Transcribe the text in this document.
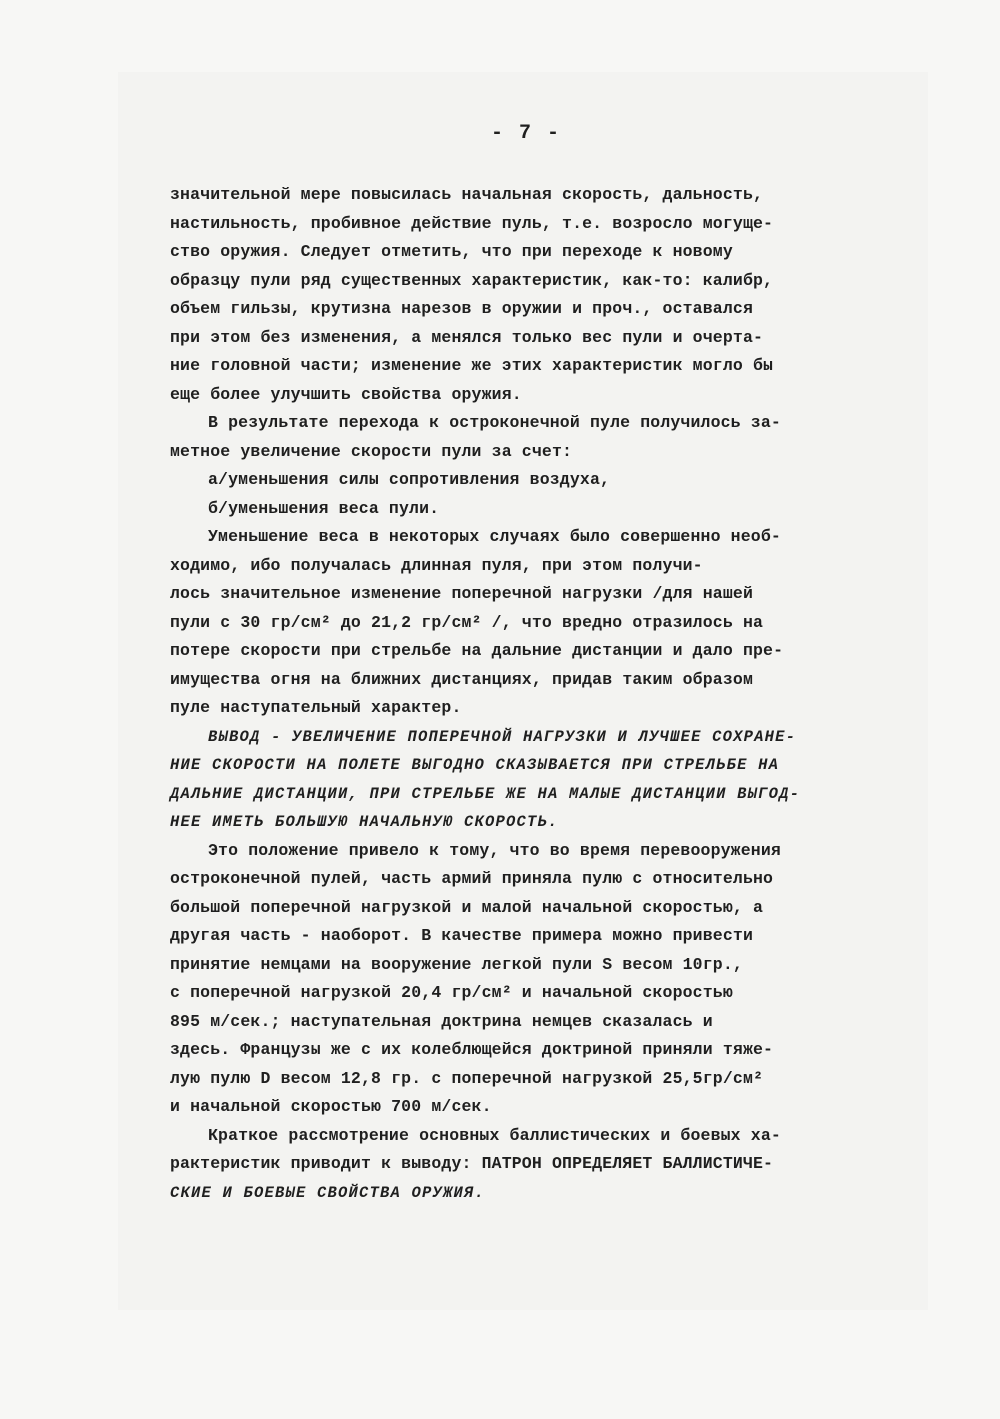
- 7 -
значительной мере повысилась начальная скорость, дальность,
настильность, пробивное действие пуль, т.е. возросло могуще-
ство оружия. Следует отметить, что при переходе к новому
образцу пули ряд существенных характеристик, как-то: калибр,
объем гильзы, крутизна нарезов в оружии и проч., оставался
при этом без изменения, а менялся только вес пули и очерта-
ние головной части; изменение же этих характеристик могло бы
еще более улучшить свойства оружия.
В результате перехода к остроконечной пуле получилось за-
метное увеличение скорости пули за счет:
а/уменьшения силы сопротивления воздуха,
б/уменьшения веса пули.
Уменьшение веса в некоторых случаях было совершенно необ-
ходимо, ибо получалась длинная пуля, при этом получи-
лось значительное изменение поперечной нагрузки /для нашей
пули с 30 гр/см² до 21,2 гр/см² /, что вредно отразилось на
потере скорости при стрельбе на дальние дистанции и дало пре-
имущества огня на ближних дистанциях, придав таким образом
пуле наступательный характер.
ВЫВОД - УВЕЛИЧЕНИЕ ПОПЕРЕЧНОЙ НАГРУЗКИ И ЛУЧШЕЕ СОХРАНЕ-
НИЕ СКОРОСТИ НА ПОЛЕТЕ ВЫГОДНО СКАЗЫВАЕТСЯ ПРИ СТРЕЛЬБЕ НА
ДАЛЬНИЕ ДИСТАНЦИИ, ПРИ СТРЕЛЬБЕ ЖЕ НА МАЛЫЕ ДИСТАНЦИИ ВЫГОД-
НЕЕ ИМЕТЬ БОЛЬШУЮ НАЧАЛЬНУЮ СКОРОСТЬ.
Это положение привело к тому, что во время перевооружения
остроконечной пулей, часть армий приняла пулю с относительно
большой поперечной нагрузкой и малой начальной скоростью, а
другая часть - наоборот. В качестве примера можно привести
принятие немцами на вооружение легкой пули S весом 10гр.,
с поперечной нагрузкой 20,4 гр/см² и начальной скоростью
895 м/сек.; наступательная доктрина немцев сказалась и
здесь. Французы же с их колеблющейся доктриной приняли тяже-
лую пулю D весом 12,8 гр. с поперечной нагрузкой 25,5гр/см²
и начальной скоростью 700 м/сек.
Краткое рассмотрение основных баллистических и боевых ха-
рактеристик приводит к выводу: ПАТРОН ОПРЕДЕЛЯЕТ БАЛЛИСТИЧЕ-
СКИЕ И БОЕВЫЕ СВОЙСТВА ОРУЖИЯ.
